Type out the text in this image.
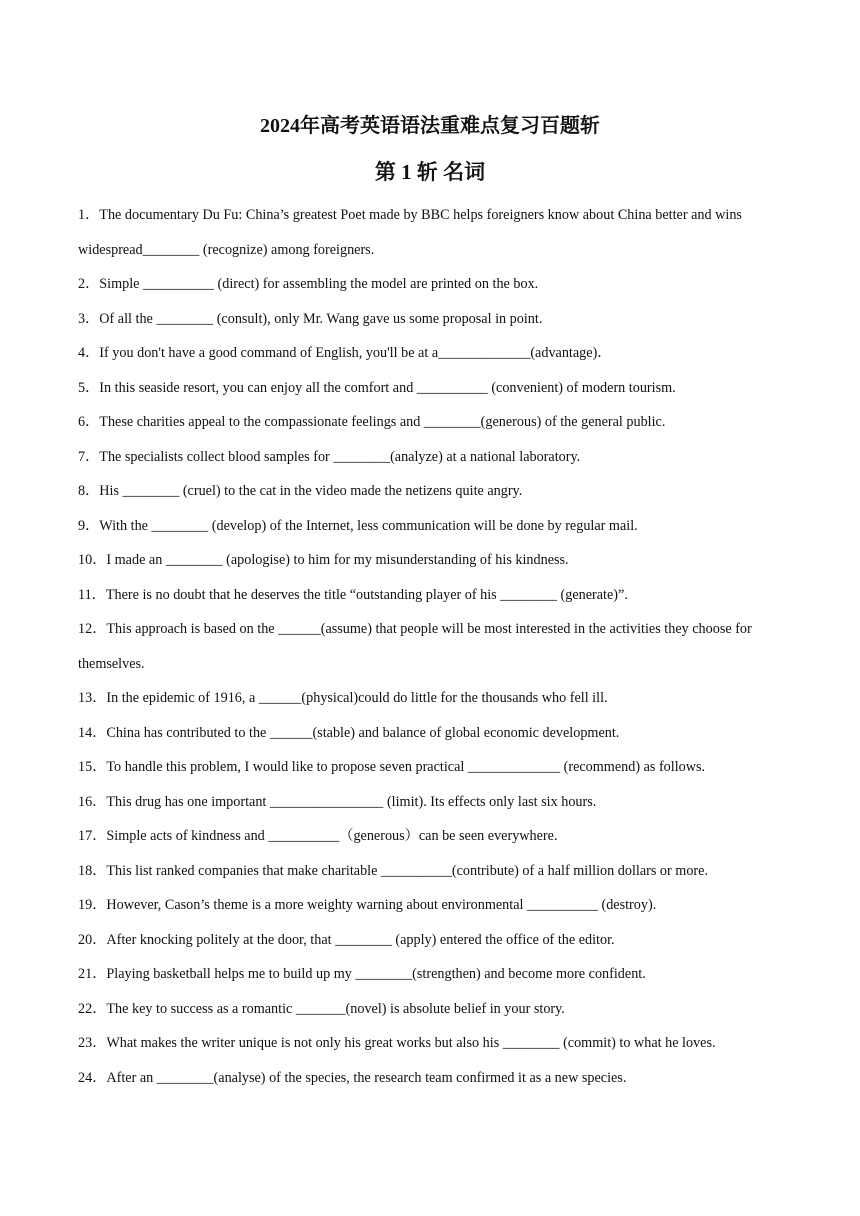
2024年高考英语语法重难点复习百题斩
第 1 斩 名词
1．The documentary Du Fu: China’s greatest Poet made by BBC helps foreigners know about China better and wins widespread________ (recognize) among foreigners.
2．Simple __________ (direct) for assembling the model are printed on the box.
3．Of all the ________ (consult), only Mr. Wang gave us some proposal in point.
4．If you don't have a good command of English, you'll be at a_____________(advantage)．
5．In this seaside resort, you can enjoy all the comfort and __________ (convenient) of modern tourism.
6．These charities appeal to the compassionate feelings and ________(generous) of the general public.
7．The specialists collect blood samples for ________(analyze) at a national laboratory.
8．His ________ (cruel) to the cat in the video made the netizens quite angry.
9．With the ________ (develop) of the Internet, less communication will be done by regular mail.
10．I made an ________ (apologise) to him for my misunderstanding of his kindness.
11．There is no doubt that he deserves the title “outstanding player of his ________ (generate)”.
12．This approach is based on the ______(assume) that people will be most interested in the activities they choose for themselves.
13．In the epidemic of 1916, a ______(physical)could do little for the thousands who fell ill.
14．China has contributed to the ______(stable) and balance of global economic development.
15．To handle this problem, I would like to propose seven practical _____________ (recommend) as follows.
16．This drug has one important ________________ (limit). Its effects only last six hours.
17．Simple acts of kindness and __________（generous）can be seen everywhere.
18．This list ranked companies that make charitable __________(contribute) of a half million dollars or more.
19．However, Cason’s theme is a more weighty warning about environmental __________ (destroy).
20．After knocking politely at the door, that ________ (apply) entered the office of the editor.
21．Playing basketball helps me to build up my ________(strengthen) and become more confident.
22．The key to success as a romantic _______(novel) is absolute belief in your story.
23．What makes the writer unique is not only his great works but also his ________ (commit) to what he loves.
24．After an ________(analyse) of the species, the research team confirmed it as a new species.
